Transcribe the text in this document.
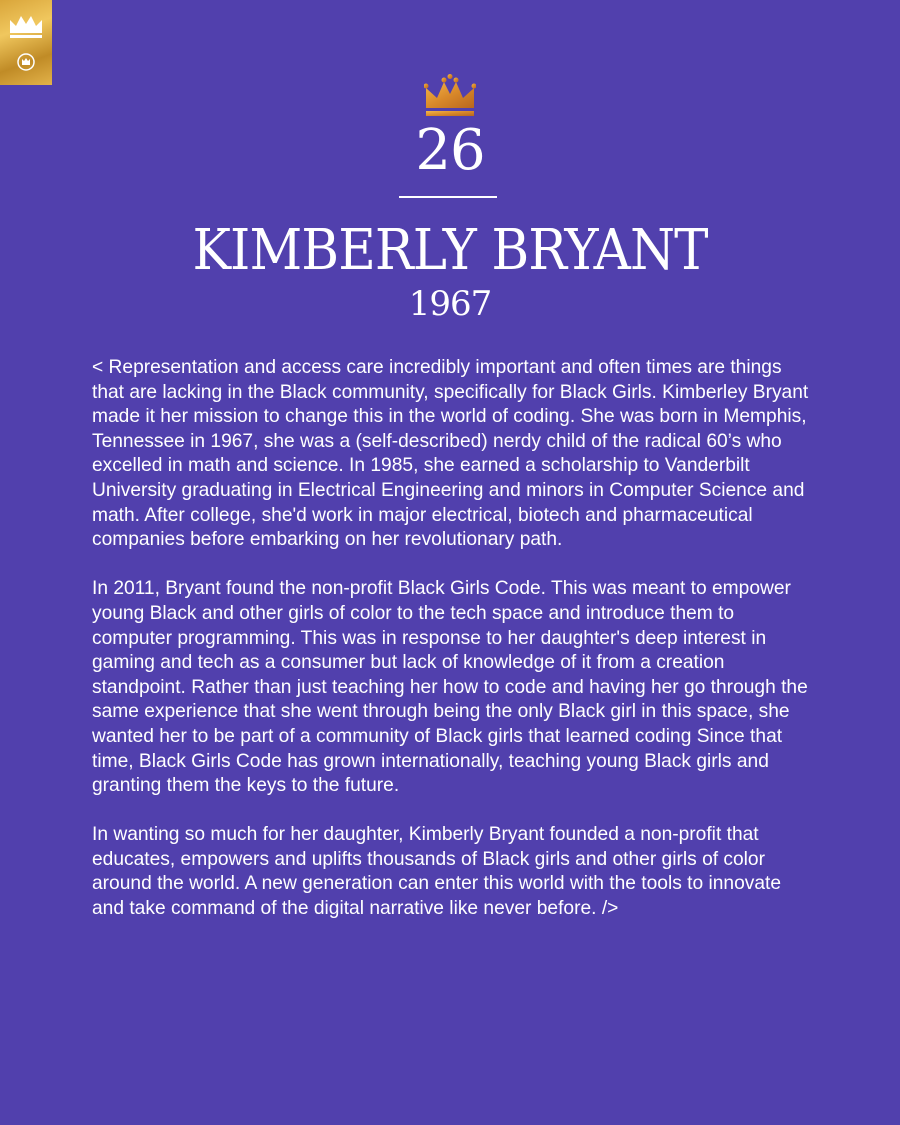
26
KIMBERLY BRYANT
1967

< Representation and access care incredibly important and often times are things that are lacking in the Black community, specifically for Black Girls. Kimberley Bryant made it her mission to change this in the world of coding. She was born in Memphis, Tennessee in 1967, she was a (self-described) nerdy child of the radical 60’s who excelled in math and science. In 1985, she earned a scholarship to Vanderbilt University graduating in Electrical Engineering and minors in Computer Science and math. After college, she'd work in major electrical, biotech and pharmaceutical companies before embarking on her revolutionary path.

In 2011, Bryant found the non-profit Black Girls Code. This was meant to empower young Black and other girls of color to the tech space and introduce them to computer programming. This was in response to her daughter's deep interest in gaming and tech as a consumer but lack of knowledge of it from a creation standpoint. Rather than just teaching her how to code and having her go through the same experience that she went through being the only Black girl in this space, she wanted her to be part of a community of Black girls that learned coding Since that time, Black Girls Code has grown internationally, teaching young Black girls and granting them the keys to the future.

In wanting so much for her daughter, Kimberly Bryant founded a non-profit that educates, empowers and uplifts thousands of Black girls and other girls of color around the world. A new generation can enter this world with the tools to innovate and take command of the digital narrative like never before. />
